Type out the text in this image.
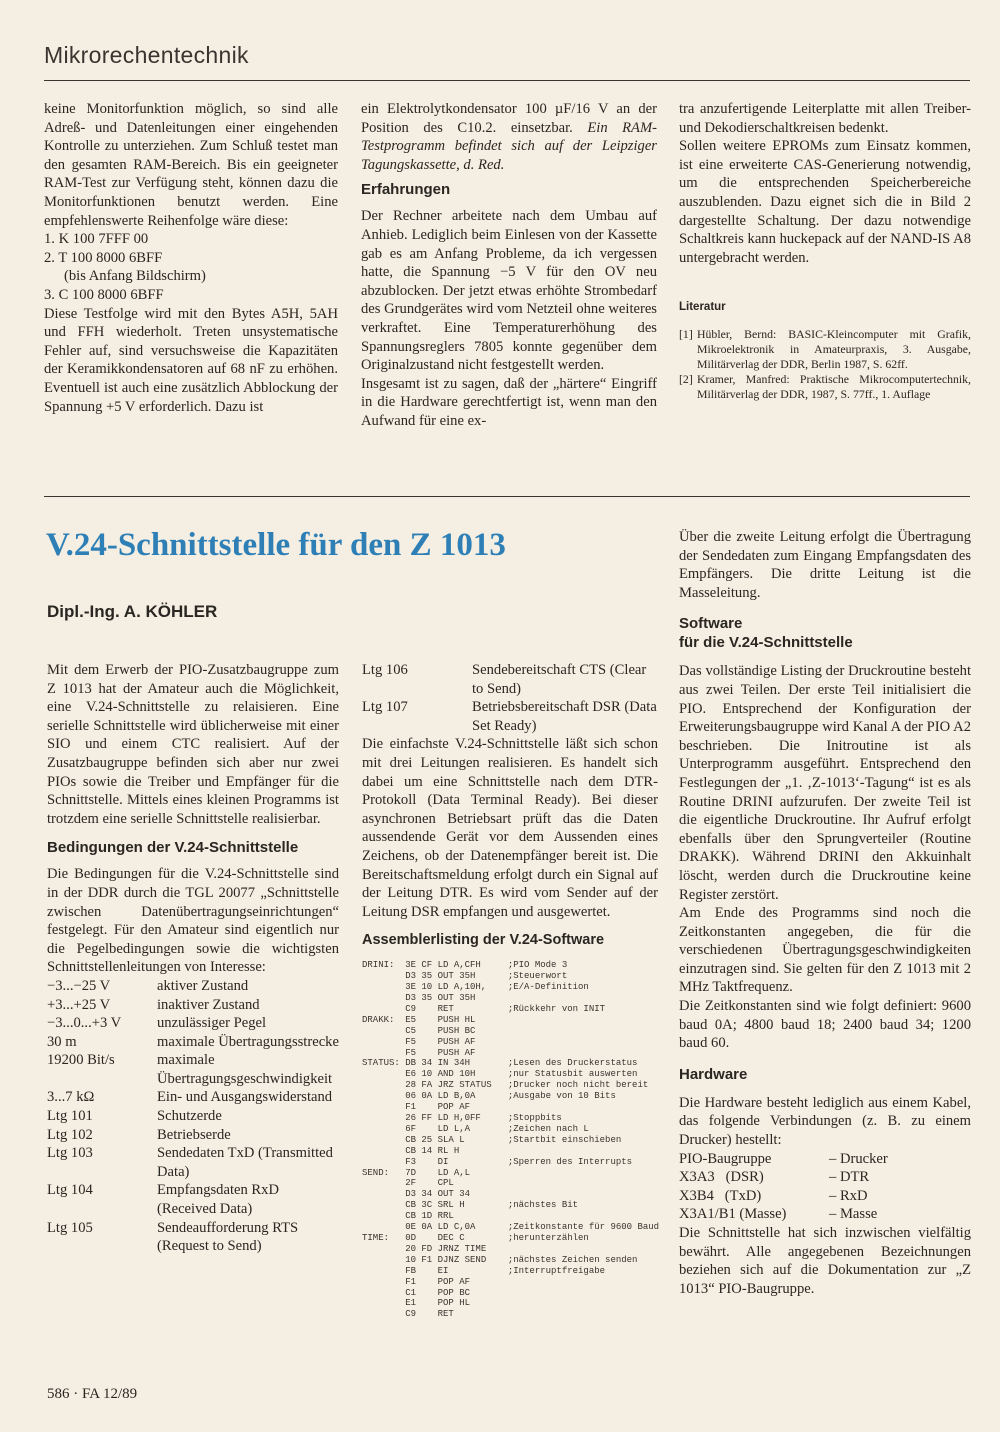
Mikrorechentechnik

keine Monitorfunktion möglich, so sind alle Adreß- und Datenleitungen einer eingehenden Kontrolle zu unterziehen. Zum Schluß testet man den gesamten RAM-Bereich. Bis ein geeigneter RAM-Test zur Verfügung steht, können dazu die Monitorfunktionen benutzt werden. Eine empfehlenswerte Reihenfolge wäre diese:

1. K 100 7FFF 00

2. T 100 8000 6BFF

(bis Anfang Bildschirm)

3. C 100 8000 6BFF

Diese Testfolge wird mit den Bytes A5H, 5AH und FFH wiederholt. Treten unsystematische Fehler auf, sind versuchsweise die Kapazitäten der Keramikkondensatoren auf 68 nF zu erhöhen. Eventuell ist auch eine zusätzlich Abblockung der Spannung +5 V erforderlich. Dazu ist

ein Elektrolytkondensator 100 µF/16 V an der Position des C10.2. einsetzbar. Ein RAM-Testprogramm befindet sich auf der Leipziger Tagungskassette, d. Red.

Erfahrungen

Der Rechner arbeitete nach dem Umbau auf Anhieb. Lediglich beim Einlesen von der Kassette gab es am Anfang Probleme, da ich vergessen hatte, die Spannung −5 V für den OV neu abzublocken. Der jetzt etwas erhöhte Strombedarf des Grundgerätes wird vom Netzteil ohne weiteres verkraftet. Eine Temperaturerhöhung des Spannungsreglers 7805 konnte gegenüber dem Originalzustand nicht festgestellt werden.

Insgesamt ist zu sagen, daß der „härtere“ Eingriff in die Hardware gerechtfertigt ist, wenn man den Aufwand für eine ex-

tra anzufertigende Leiterplatte mit allen Treiber- und Dekodierschaltkreisen bedenkt.

Sollen weitere EPROMs zum Einsatz kommen, ist eine erweiterte CAS-Generierung notwendig, um die entsprechenden Speicherbereiche auszublenden. Dazu eignet sich die in Bild 2 dargestellte Schaltung. Der dazu notwendige Schaltkreis kann huckepack auf der NAND-IS A8 untergebracht werden.

Literatur

[1] Hübler, Bernd: BASIC-Kleincomputer mit Grafik, Mikroelektronik in Amateurpraxis, 3. Ausgabe, Militärverlag der DDR, Berlin 1987, S. 62ff.
[2] Kramer, Manfred: Praktische Mikrocomputertechnik, Militärverlag der DDR, 1987, S. 77ff., 1. Auflage
V.24-Schnittstelle für den Z 1013
Dipl.-Ing. A. KÖHLER

Mit dem Erwerb der PIO-Zusatzbaugruppe zum Z 1013 hat der Amateur auch die Möglichkeit, eine V.24-Schnittstelle zu relaisieren. Eine serielle Schnittstelle wird üblicherweise mit einer SIO und einem CTC realisiert. Auf der Zusatzbaugruppe befinden sich aber nur zwei PIOs sowie die Treiber und Empfänger für die Schnittstelle. Mittels eines kleinen Programms ist trotzdem eine serielle Schnittstelle realisierbar.

Bedingungen der V.24-Schnittstelle

Die Bedingungen für die V.24-Schnittstelle sind in der DDR durch die TGL 20077 „Schnittstelle zwischen Datenübertragungseinrichtungen“ festgelegt. Für den Amateur sind eigentlich nur die Pegelbedingungen sowie die wichtigsten Schnittstellenleitungen von Interesse:

−3...−25 V	aktiver Zustand
+3...+25 V	inaktiver Zustand
−3...0...+3 V	unzulässiger Pegel
30 m	maximale Übertragungsstrecke
19200 Bit/s	maximale Übertragungsgeschwindigkeit
3...7 kΩ	Ein- und Ausgangswiderstand
Ltg 101	Schutzerde
Ltg 102	Betriebserde
Ltg 103	Sendedaten TxD (Transmitted Data)
Ltg 104	Empfangsdaten RxD (Received Data)
Ltg 105	Sendeaufforderung RTS (Request to Send)
Ltg 106	Sendebereitschaft CTS (Clear to Send)
Ltg 107	Betriebsbereitschaft DSR (Data Set Ready)

Die einfachste V.24-Schnittstelle läßt sich schon mit drei Leitungen realisieren. Es handelt sich dabei um eine Schnittstelle nach dem DTR-Protokoll (Data Terminal Ready). Bei dieser asynchronen Betriebsart prüft das die Daten aussendende Gerät vor dem Aussenden eines Zeichens, ob der Datenempfänger bereit ist. Die Bereitschaftsmeldung erfolgt durch ein Signal auf der Leitung DTR. Es wird vom Sender auf der Leitung DSR empfangen und ausgewertet.

Assemblerlisting der V.24-Software

DRINI:  3E CF LD A,CFH     ;PIO Mode 3
D3 35 OUT 35H      ;Steuerwort
3E 10 LD A,10H,    ;E/A-Definition
D3 35 OUT 35H
C9    RET          ;Rückkehr von INIT
DRAKK:  E5    PUSH HL
C5    PUSH BC
F5    PUSH AF
F5    PUSH AF
STATUS: DB 34 IN 34H       ;Lesen des Druckerstatus
E6 10 AND 10H      ;nur Statusbit auswerten
28 FA JRZ STATUS   ;Drucker noch nicht bereit
06 0A LD B,0A      ;Ausgabe von 10 Bits
F1    POP AF
26 FF LD H,0FF     ;Stoppbits
6F    LD L,A       ;Zeichen nach L
CB 25 SLA L        ;Startbit einschieben
CB 14 RL H
F3    DI           ;Sperren des Interrupts
SEND:   7D    LD A,L
2F    CPL
D3 34 OUT 34
CB 3C SRL H        ;nächstes Bit
CB 1D RRL
0E 0A LD C,0A      ;Zeitkonstante für 9600 Baud
TIME:   0D    DEC C        ;herunterzählen
20 FD JRNZ TIME
10 F1 DJNZ SEND    ;nächstes Zeichen senden
FB    EI           ;Interruptfreigabe
F1    POP AF
C1    POP BC
E1    POP HL
C9    RET

Über die zweite Leitung erfolgt die Übertragung der Sendedaten zum Eingang Empfangsdaten des Empfängers. Die dritte Leitung ist die Masseleitung.

Software

für die V.24-Schnittstelle

Das vollständige Listing der Druckroutine besteht aus zwei Teilen. Der erste Teil initialisiert die PIO. Entsprechend der Konfiguration der Erweiterungsbaugruppe wird Kanal A der PIO A2 beschrieben. Die Initroutine ist als Unterprogramm ausgeführt. Entsprechend den Festlegungen der „1. ‚Z-1013‘-Tagung“ ist es als Routine DRINI aufzurufen. Der zweite Teil ist die eigentliche Druckroutine. Ihr Aufruf erfolgt ebenfalls über den Sprungverteiler (Routine DRAKK). Während DRINI den Akkuinhalt löscht, werden durch die Druckroutine keine Register zerstört.

Am Ende des Programms sind noch die Zeitkonstanten angegeben, die für die verschiedenen Übertragungsgeschwindigkeiten einzutragen sind. Sie gelten für den Z 1013 mit 2 MHz Taktfrequenz.

Die Zeitkonstanten sind wie folgt definiert: 9600 baud 0A; 4800 baud 18; 2400 baud 34; 1200 baud 60.

Hardware

Die Hardware besteht lediglich aus einem Kabel, das folgende Verbindungen (z. B. zu einem Drucker) hestellt:

PIO-Baugruppe	– Drucker
X3A3   (DSR)	– DTR
X3B4   (TxD)	– RxD
X3A1/B1 (Masse)	– Masse

Die Schnittstelle hat sich inzwischen vielfältig bewährt. Alle angegebenen Bezeichnungen beziehen sich auf die Dokumentation zur „Z 1013“ PIO-Baugruppe.

586 · FA 12/89
